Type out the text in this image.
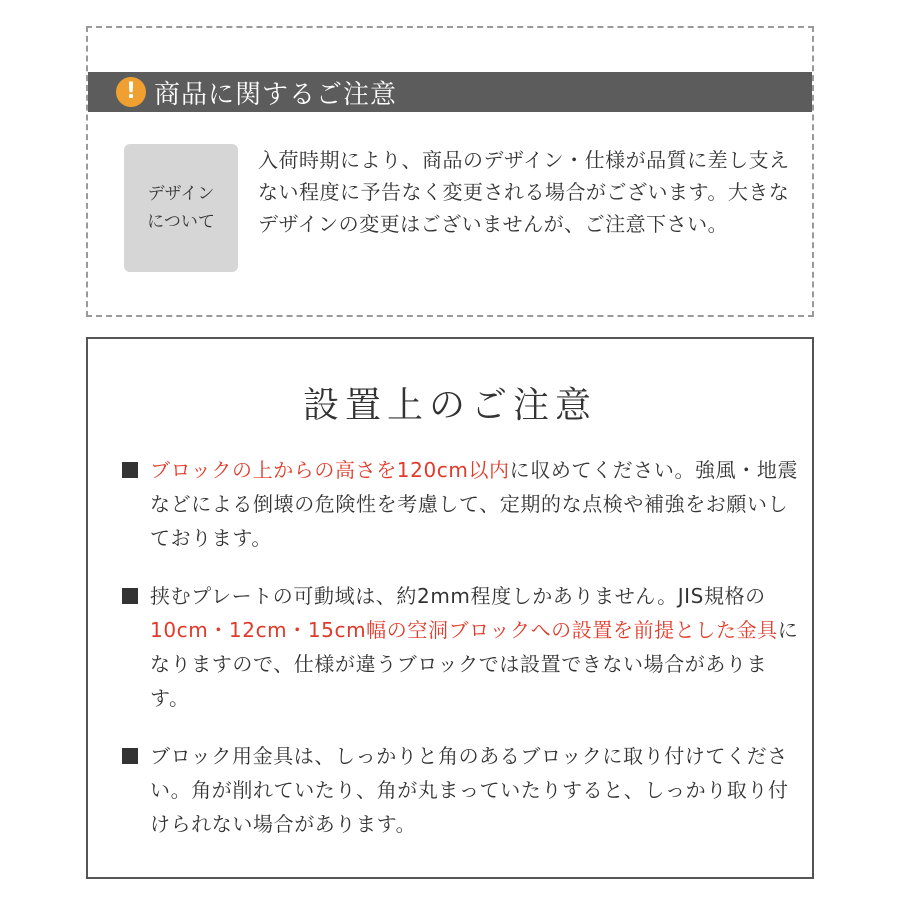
! 商品に関するご注意
デザイン
について
入荷時期により、商品のデザイン・仕様が品質に差し支えない程度に予告なく変更される場合がございます。大きなデザインの変更はございませんが、ご注意下さい。
設置上のご注意
ブロックの上からの高さを120cm以内に収めてください。強風・地震などによる倒壊の危険性を考慮して、定期的な点検や補強をお願いしております。
挟むプレートの可動域は、約2mm程度しかありません。JIS規格の10cm・12cm・15cm幅の空洞ブロックへの設置を前提とした金具になりますので、仕様が違うブロックでは設置できない場合があります。
ブロック用金具は、しっかりと角のあるブロックに取り付けてください。角が削れていたり、角が丸まっていたりすると、しっかり取り付けられない場合があります。
